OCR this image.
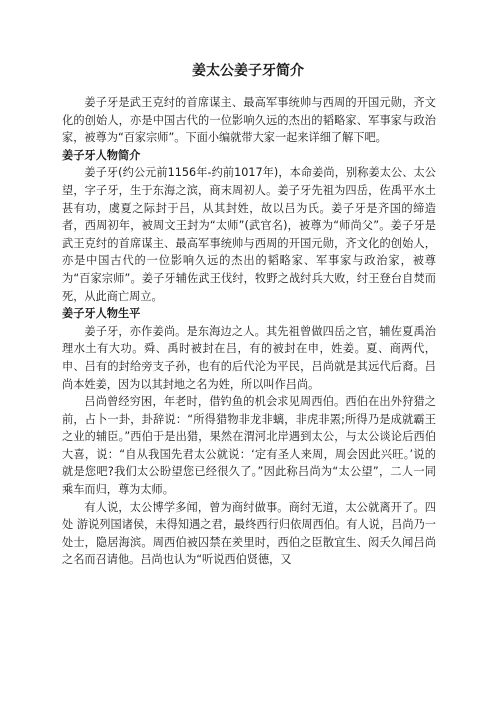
姜太公姜子牙简介

姜子牙是武王克纣的首席谋主、最高军事统帅与西周的开国元勋，齐文化的创始人，亦是中国古代的一位影响久远的杰出的韬略家、军事家与政治家，被尊为“百家宗师”。下面小编就带大家一起来详细了解下吧。

姜子牙人物简介

姜子牙(约公元前1156年-约前1017年)，本命姜尚，别称姜太公、太公望，字子牙，生于东海之滨，商末周初人。姜子牙先祖为四岳，佐禹平水土甚有功，虞夏之际封于吕，从其封姓，故以吕为氏。姜子牙是齐国的缔造者，西周初年，被周文王封为“太师”(武官名)，被尊为“师尚父”。姜子牙是武王克纣的首席谋主、最高军事统帅与西周的开国元勋，齐文化的创始人，亦是中国古代的一位影响久远的杰出的韬略家、军事家与政治家，被尊为“百家宗师”。姜子牙辅佐武王伐纣，牧野之战纣兵大败，纣王登台自焚而死，从此商亡周立。

姜子牙人物生平

姜子牙，亦作姜尚。是东海边之人。其先祖曾做四岳之官，辅佐夏禹治理水土有大功。舜、禹时被封在吕，有的被封在申，姓姜。夏、商两代，申、吕有的封给旁支子孙，也有的后代沦为平民，吕尚就是其远代后裔。吕尚本姓姜，因为以其封地之名为姓，所以叫作吕尚。

吕尚曾经穷困，年老时，借钓鱼的机会求见周西伯。西伯在出外狩猎之前，占卜一卦，卦辞说：“所得猎物非龙非螭，非虎非罴;所得乃是成就霸王之业的辅臣。”西伯于是出猎，果然在渭河北岸遇到太公，与太公谈论后西伯大喜，说：“自从我国先君太公就说：‘定有圣人来周，周会因此兴旺。’说的就是您吧?我们太公盼望您已经很久了。”因此称吕尚为“太公望”，二人一同乘车而归，尊为太师。

有人说，太公博学多闻，曾为商纣做事。商纣无道，太公就离开了。四处 游说列国诸侯，未得知遇之君，最终西行归依周西伯。有人说，吕尚乃一处士，隐居海滨。周西伯被囚禁在羑里时，西伯之臣散宜生、闳夭久闻吕尚之名而召请他。吕尚也认为“听说西伯贤德，又
